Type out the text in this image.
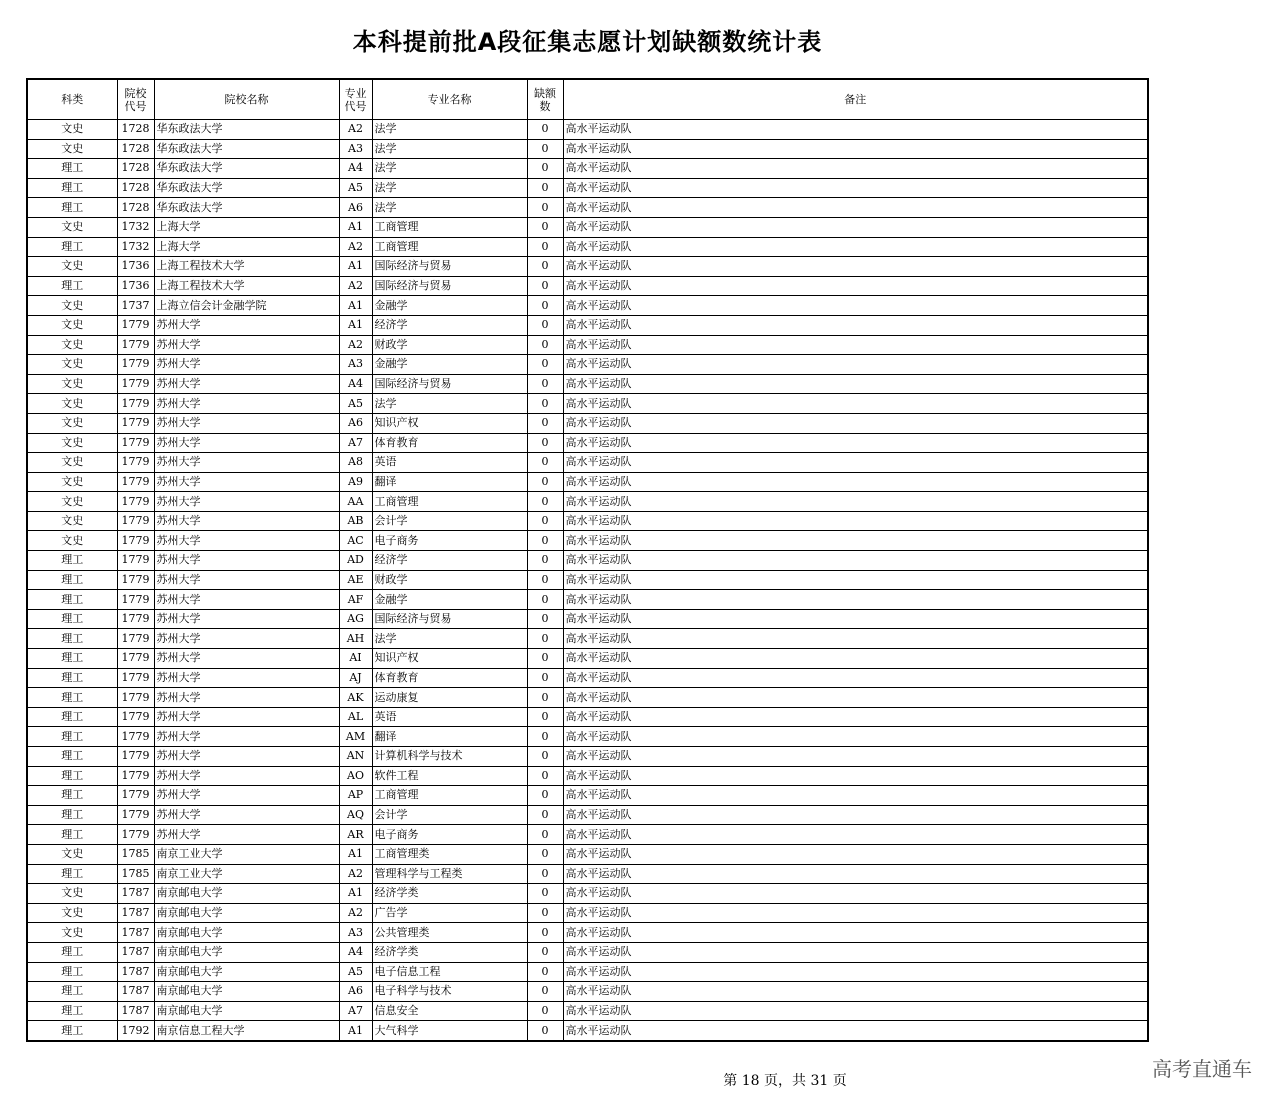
本科提前批A段征集志愿计划缺额数统计表
科类	院校代号	院校名称	专业代号	专业名称	缺额数	备注
文史	1728	华东政法大学	A2	法学	0	高水平运动队
文史	1728	华东政法大学	A3	法学	0	高水平运动队
理工	1728	华东政法大学	A4	法学	0	高水平运动队
理工	1728	华东政法大学	A5	法学	0	高水平运动队
理工	1728	华东政法大学	A6	法学	0	高水平运动队
文史	1732	上海大学	A1	工商管理	0	高水平运动队
理工	1732	上海大学	A2	工商管理	0	高水平运动队
文史	1736	上海工程技术大学	A1	国际经济与贸易	0	高水平运动队
理工	1736	上海工程技术大学	A2	国际经济与贸易	0	高水平运动队
文史	1737	上海立信会计金融学院	A1	金融学	0	高水平运动队
文史	1779	苏州大学	A1	经济学	0	高水平运动队
文史	1779	苏州大学	A2	财政学	0	高水平运动队
文史	1779	苏州大学	A3	金融学	0	高水平运动队
文史	1779	苏州大学	A4	国际经济与贸易	0	高水平运动队
文史	1779	苏州大学	A5	法学	0	高水平运动队
文史	1779	苏州大学	A6	知识产权	0	高水平运动队
文史	1779	苏州大学	A7	体育教育	0	高水平运动队
文史	1779	苏州大学	A8	英语	0	高水平运动队
文史	1779	苏州大学	A9	翻译	0	高水平运动队
文史	1779	苏州大学	AA	工商管理	0	高水平运动队
文史	1779	苏州大学	AB	会计学	0	高水平运动队
文史	1779	苏州大学	AC	电子商务	0	高水平运动队
理工	1779	苏州大学	AD	经济学	0	高水平运动队
理工	1779	苏州大学	AE	财政学	0	高水平运动队
理工	1779	苏州大学	AF	金融学	0	高水平运动队
理工	1779	苏州大学	AG	国际经济与贸易	0	高水平运动队
理工	1779	苏州大学	AH	法学	0	高水平运动队
理工	1779	苏州大学	AI	知识产权	0	高水平运动队
理工	1779	苏州大学	AJ	体育教育	0	高水平运动队
理工	1779	苏州大学	AK	运动康复	0	高水平运动队
理工	1779	苏州大学	AL	英语	0	高水平运动队
理工	1779	苏州大学	AM	翻译	0	高水平运动队
理工	1779	苏州大学	AN	计算机科学与技术	0	高水平运动队
理工	1779	苏州大学	AO	软件工程	0	高水平运动队
理工	1779	苏州大学	AP	工商管理	0	高水平运动队
理工	1779	苏州大学	AQ	会计学	0	高水平运动队
理工	1779	苏州大学	AR	电子商务	0	高水平运动队
文史	1785	南京工业大学	A1	工商管理类	0	高水平运动队
理工	1785	南京工业大学	A2	管理科学与工程类	0	高水平运动队
文史	1787	南京邮电大学	A1	经济学类	0	高水平运动队
文史	1787	南京邮电大学	A2	广告学	0	高水平运动队
文史	1787	南京邮电大学	A3	公共管理类	0	高水平运动队
理工	1787	南京邮电大学	A4	经济学类	0	高水平运动队
理工	1787	南京邮电大学	A5	电子信息工程	0	高水平运动队
理工	1787	南京邮电大学	A6	电子科学与技术	0	高水平运动队
理工	1787	南京邮电大学	A7	信息安全	0	高水平运动队
理工	1792	南京信息工程大学	A1	大气科学	0	高水平运动队
第 18 页，共 31 页	高考直通车
